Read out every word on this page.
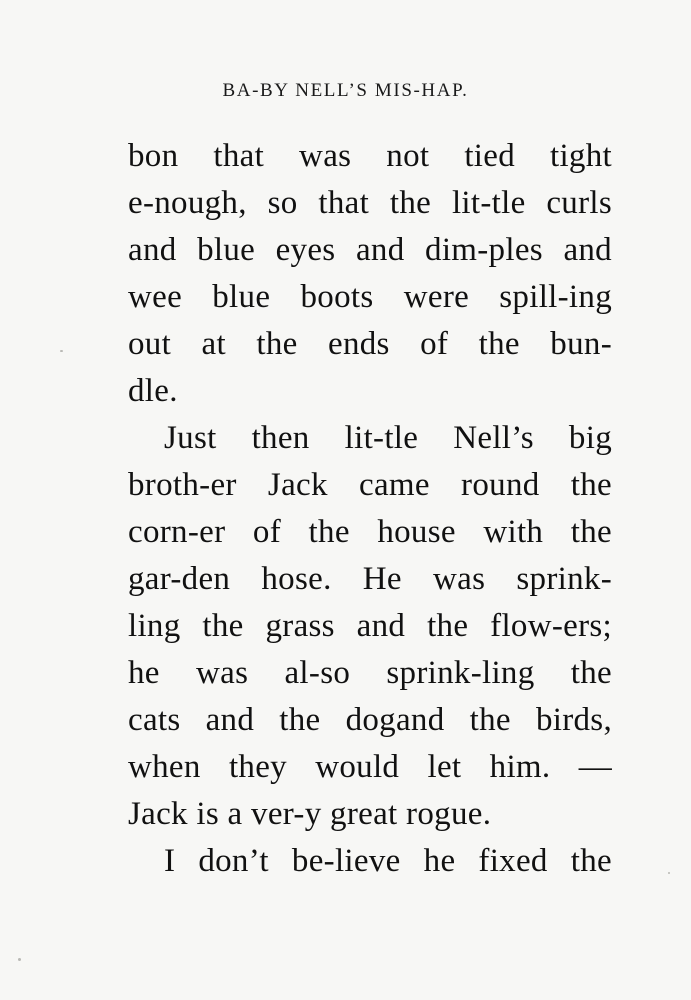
BA-BY NELL’S MIS-HAP.
bon that was not tied tight
e-nough, so that the lit-tle curls
and blue eyes and dim-ples and
wee blue boots were spill-ing
out at the ends of the bun-
dle.
Just then lit-tle Nell’s big
broth-er Jack came round the
corn-er of the house with the
gar-den hose. He was sprink-
ling the grass and the flow-ers;
he was al-so sprink-ling the
cats and the dogand the birds,
when they would let him. —
Jack is a ver-y great rogue.
I don’t be-lieve he fixed the
